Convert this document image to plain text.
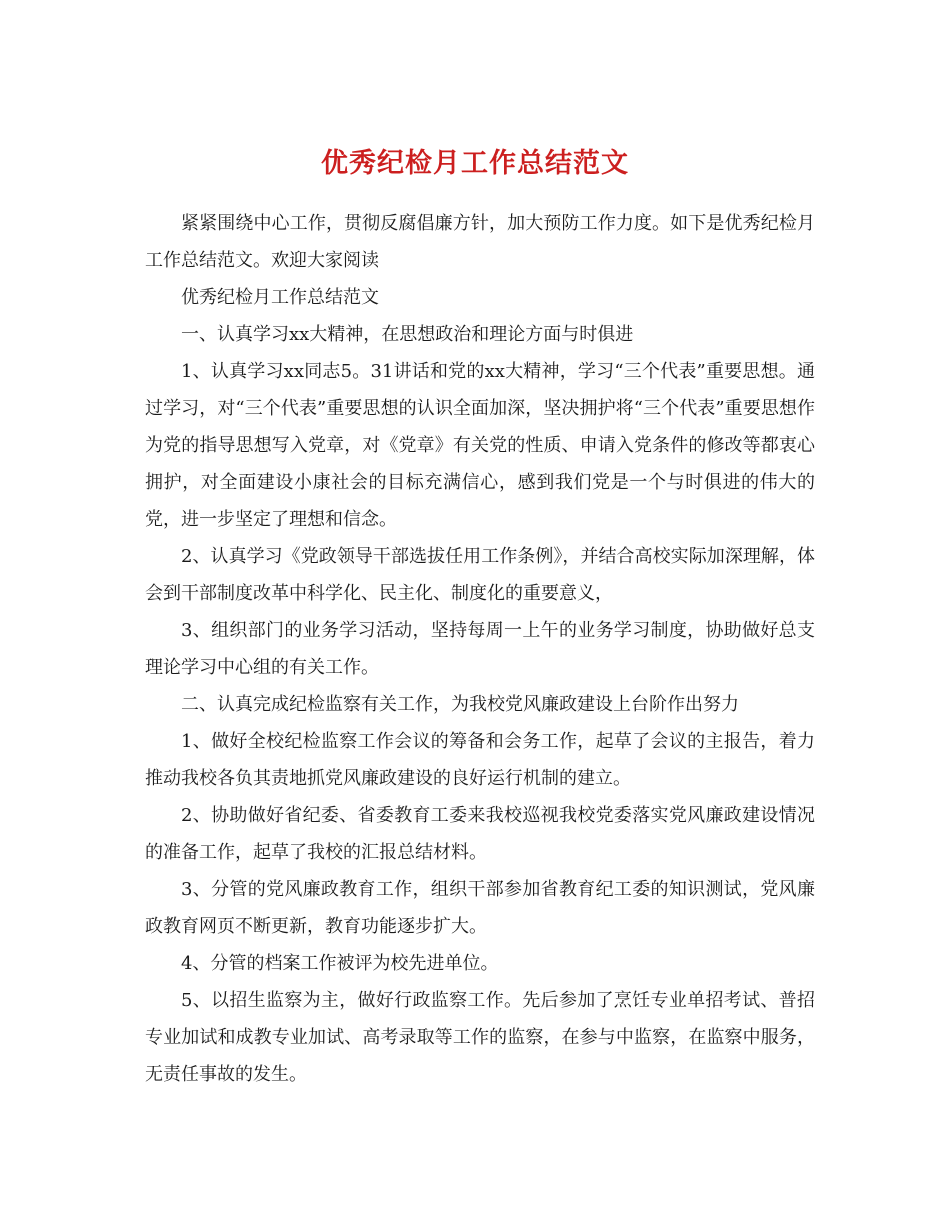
优秀纪检月工作总结范文

紧紧围绕中心工作，贯彻反腐倡廉方针，加大预防工作力度。如下是优秀纪检月工作总结范文。欢迎大家阅读

优秀纪检月工作总结范文

一、认真学习xx大精神，在思想政治和理论方面与时俱进

1、认真学习xx同志5。31讲话和党的xx大精神，学习“三个代表”重要思想。通过学习，对“三个代表”重要思想的认识全面加深，坚决拥护将“三个代表”重要思想作为党的指导思想写入党章，对《党章》有关党的性质、申请入党条件的修改等都衷心拥护，对全面建设小康社会的目标充满信心，感到我们党是一个与时俱进的伟大的党，进一步坚定了理想和信念。

2、认真学习《党政领导干部选拔任用工作条例》，并结合高校实际加深理解，体会到干部制度改革中科学化、民主化、制度化的重要意义，

3、组织部门的业务学习活动，坚持每周一上午的业务学习制度，协助做好总支理论学习中心组的有关工作。

二、认真完成纪检监察有关工作，为我校党风廉政建设上台阶作出努力

1、做好全校纪检监察工作会议的筹备和会务工作，起草了会议的主报告，着力推动我校各负其责地抓党风廉政建设的良好运行机制的建立。

2、协助做好省纪委、省委教育工委来我校巡视我校党委落实党风廉政建设情况的准备工作，起草了我校的汇报总结材料。

3、分管的党风廉政教育工作，组织干部参加省教育纪工委的知识测试，党风廉政教育网页不断更新，教育功能逐步扩大。

4、分管的档案工作被评为校先进单位。

5、以招生监察为主，做好行政监察工作。先后参加了烹饪专业单招考试、普招专业加试和成教专业加试、高考录取等工作的监察，在参与中监察，在监察中服务，无责任事故的发生。
